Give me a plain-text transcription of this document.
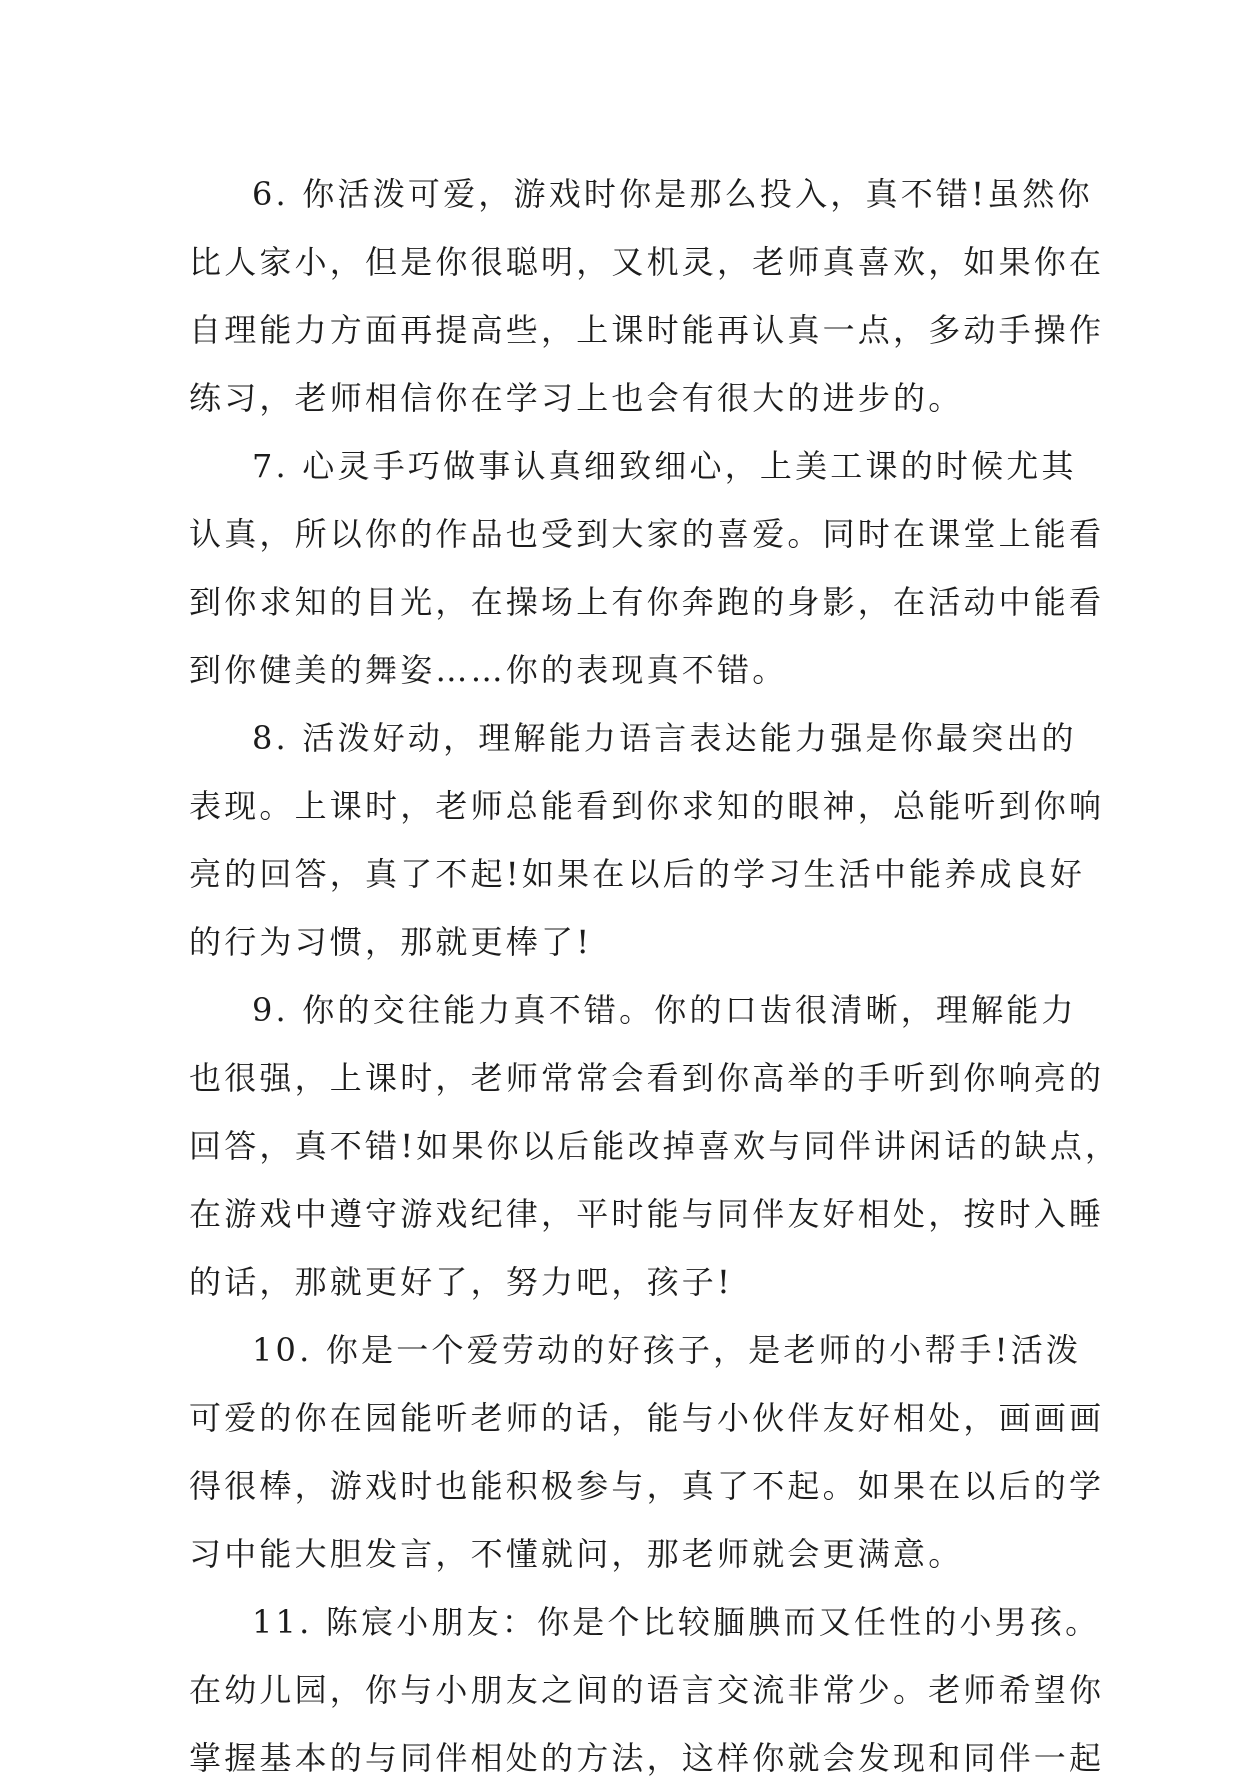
6. 你活泼可爱，游戏时你是那么投入，真不错!虽然你
比人家小，但是你很聪明，又机灵，老师真喜欢，如果你在
自理能力方面再提高些，上课时能再认真一点，多动手操作
练习，老师相信你在学习上也会有很大的进步的。
7. 心灵手巧做事认真细致细心，上美工课的时候尤其
认真，所以你的作品也受到大家的喜爱。同时在课堂上能看
到你求知的目光，在操场上有你奔跑的身影，在活动中能看
到你健美的舞姿……你的表现真不错。
8. 活泼好动，理解能力语言表达能力强是你最突出的
表现。上课时，老师总能看到你求知的眼神，总能听到你响
亮的回答，真了不起!如果在以后的学习生活中能养成良好
的行为习惯，那就更棒了!
9. 你的交往能力真不错。你的口齿很清晰，理解能力
也很强，上课时，老师常常会看到你高举的手听到你响亮的
回答，真不错!如果你以后能改掉喜欢与同伴讲闲话的缺点，
在游戏中遵守游戏纪律，平时能与同伴友好相处，按时入睡
的话，那就更好了，努力吧，孩子!
10. 你是一个爱劳动的好孩子，是老师的小帮手!活泼
可爱的你在园能听老师的话，能与小伙伴友好相处，画画画
得很棒，游戏时也能积极参与，真了不起。如果在以后的学
习中能大胆发言，不懂就问，那老师就会更满意。
11. 陈宸小朋友：你是个比较腼腆而又任性的小男孩。
在幼儿园，你与小朋友之间的语言交流非常少。老师希望你
掌握基本的与同伴相处的方法，这样你就会发现和同伴一起
